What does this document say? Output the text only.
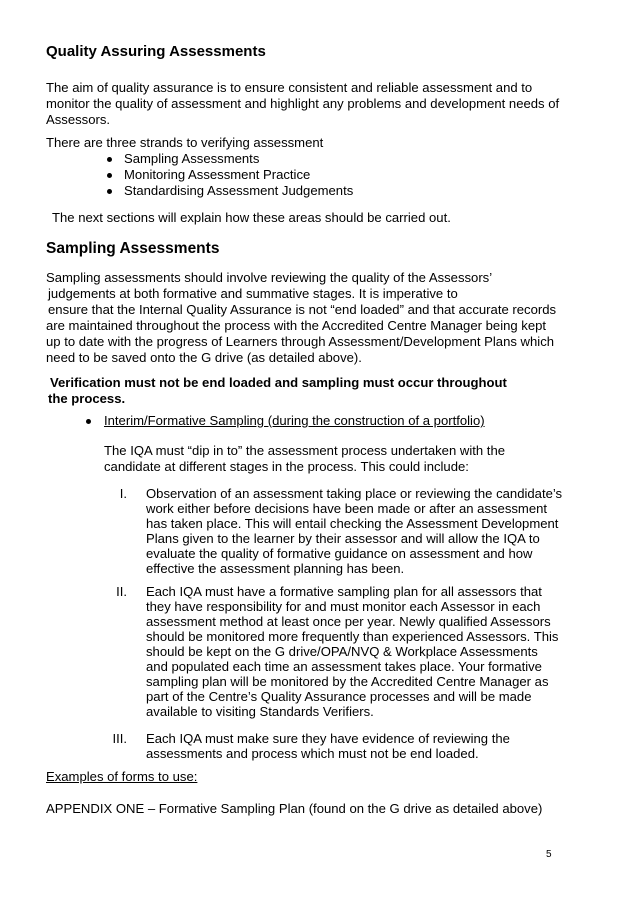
Quality Assuring Assessments

The aim of quality assurance is to ensure consistent and reliable assessment and to

monitor the quality of assessment and highlight any problems and development needs of

Assessors.

There are three strands to verifying assessment

Sampling Assessments
Monitoring Assessment Practice
Standardising Assessment Judgements

The next sections will explain how these areas should be carried out.

Sampling Assessments

Sampling assessments should involve reviewing the quality of the Assessors’

judgements at both formative and summative stages. It is imperative to

ensure that the Internal Quality Assurance is not “end loaded” and that accurate records

are maintained throughout the process with the Accredited Centre Manager being kept

up to date with the progress of Learners through Assessment/Development Plans which

need to be saved onto the G drive (as detailed above).

Verification must not be end loaded and sampling must occur throughout

the process.

Interim/Formative Sampling (during the construction of a portfolio)

The IQA must “dip in to” the assessment process undertaken with the

candidate at different stages in the process. This could include:

I. Observation of an assessment taking place or reviewing the candidate’s
work either before decisions have been made or after an assessment
has taken place. This will entail checking the Assessment Development
Plans given to the learner by their assessor and will allow the IQA to
evaluate the quality of formative guidance on assessment and how
effective the assessment planning has been.
II. Each IQA must have a formative sampling plan for all assessors that
they have responsibility for and must monitor each Assessor in each
assessment method at least once per year. Newly qualified Assessors
should be monitored more frequently than experienced Assessors. This
should be kept on the G drive/OPA/NVQ & Workplace Assessments
and populated each time an assessment takes place. Your formative
sampling plan will be monitored by the Accredited Centre Manager as
part of the Centre’s Quality Assurance processes and will be made
available to visiting Standards Verifiers.
III. Each IQA must make sure they have evidence of reviewing the
assessments and process which must not be end loaded.

Examples of forms to use:

APPENDIX ONE – Formative Sampling Plan (found on the G drive as detailed above)

5
